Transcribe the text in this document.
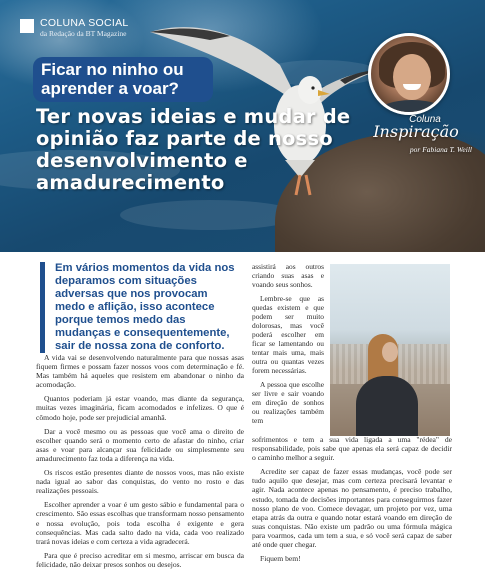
COLUNA SOCIAL
da Redação da BT Magazine
Ficar no ninho ou aprender a voar?
Ter novas ideias e mudar de opinião faz parte de nosso desenvolvimento e amadurecimento
Coluna
Inspiração
por Fabiana T. Weill
Em vários momentos da vida nos deparamos com situações adversas que nos provocam medo e aflição, isso acontece porque temos medo das mudanças e consequentemente, sair de nossa zona de conforto.

A vida vai se desenvolvendo naturalmente para que nossas asas fiquem firmes e possam fazer nossos voos com determinação e fé. Mas também há aqueles que resistem em abandonar o ninho da acomodação.

Quantos poderiam já estar voando, mas diante da segurança, muitas vezes imaginária, ficam acomodados e infelizes. O que é cômodo hoje, pode ser prejudicial amanhã.

Dar a você mesmo ou as pessoas que você ama o direito de escolher quando será o momento certo de afastar do ninho, criar asas e voar para alcançar sua felicidade ou simplesmente seu amadurecimento faz toda a diferença na vida.

Os riscos estão presentes diante de nossos voos, mas não existe nada igual ao sabor das conquistas, do vento no rosto e das realizações pessoais.

Escolher aprender a voar é um gesto sábio e fundamental para o crescimento. São essas escolhas que transformam nosso pensamento e nossa evolução, pois toda escolha é exigente e gera consequências. Mas cada salto dado na vida, cada voo realizado trará novas ideias e com certeza a vida agradecerá.

Para que é preciso acreditar em si mesmo, arriscar em busca da felicidade, não deixar presos sonhos ou desejos.

assistirá aos outros criando suas asas e voando seus sonhos.

Lembre-se que as quedas existem e que podem ser muito dolorosas, mas você poderá escolher em ficar se lamentando ou tentar mais uma, mais outra ou quantas vezes forem necessárias.

A pessoa que escolhe ser livre e sair voando em direção de sonhos ou realizações também tem

sofrimentos e tem a sua vida ligada a uma "rédea" de responsabilidade, pois sabe que apenas ela será capaz de decidir o caminho melhor a seguir.

Acredite ser capaz de fazer essas mudanças, você pode ser tudo aquilo que desejar, mas com certeza precisará levantar e agir. Nada acontece apenas no pensamento, é preciso trabalho, estudo, tomada de decisões importantes para conseguirmos fazer nosso plano de voo. Comece devagar, um projeto por vez, uma etapa atrás da outra e quando notar estará voando em direção de suas conquistas. Não existe um padrão ou uma fórmula mágica para voarmos, cada um tem a sua, e só você será capaz de saber até onde quer chegar.

Fiquem bem!
